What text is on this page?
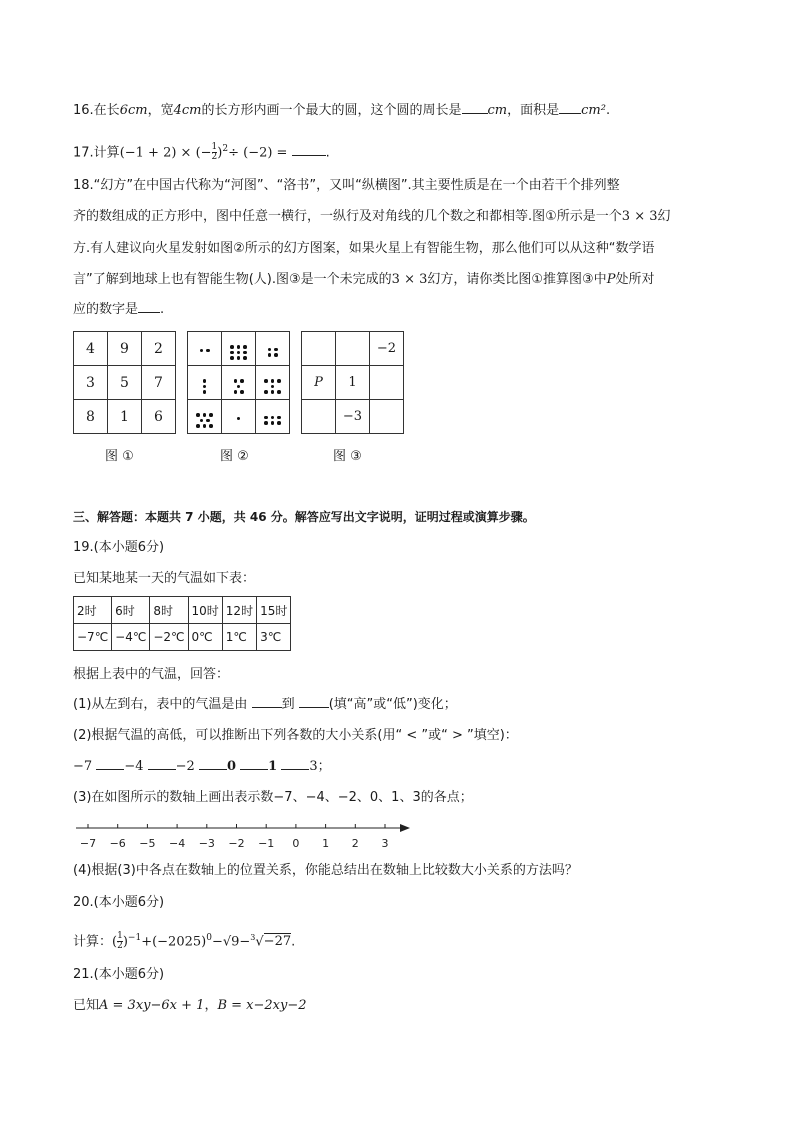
16.在长6cm，宽4cm的长方形内画一个最大的圆，这个圆的周长是 cm，面积是 cm².
17.计算(−1 + 2) × (− $\frac{1}{2} )^2\div (-2)$ =	.
18.“幻方”在中国古代称为“河图”、“洛书”，又叫“纵横图”.其主要性质是在一个由若干个排列整
齐的数组成的正方形中，图中任意一横行，一纵行及对角线的几个数之和都相等.图①所示是一个3 × 3幻
方.有人建议向火星发射如图②所示的幻方图案，如果火星上有智能生物，那么他们可以从这种“数学语
言”了解到地球上也有智能生物(人).图③是一个未完成的3 × 3幻方，请你类比图①推算图③中P处所对
应的数字是 .
4	9	2
3	5	7
8	1	6
图 ①

		图 ②
		−2
P	1	
	−3	
图 ③
三、解答题：本题共 7 小题，共 46 分。解答应写出文字说明，证明过程或演算步骤。
19.(本小题6分)
已知某地某一天的气温如下表：
2时	6时	8时	10时	12时	15时
−7℃	−4℃	−2℃	0℃	1℃	3℃
根据上表中的气温，回答：
(1)从左到右，表中的气温是由	到	(填“高”或“低”)变化；
(2)根据气温的高低，可以推断出下列各数的大小关系(用“ < ”或“ > ”填空)：
−7 −4 −2 0 1 3；
(3)在如图所示的数轴上画出表示数−7、−4、−2、0、1、3的各点；
−7 −6 −5 −4 −3 −2 −1 0 1 2 3
(4)根据(3)中各点在数轴上的位置关系，你能总结出在数轴上比较数大小关系的方法吗？
20.(本小题6分)
计算：( $\frac{1}{2} )^{-1}+(-2025)^0-√9-^3√-27$.
21.(本小题6分)
已知A = 3xy−6x + 1，B = x−2xy−2
